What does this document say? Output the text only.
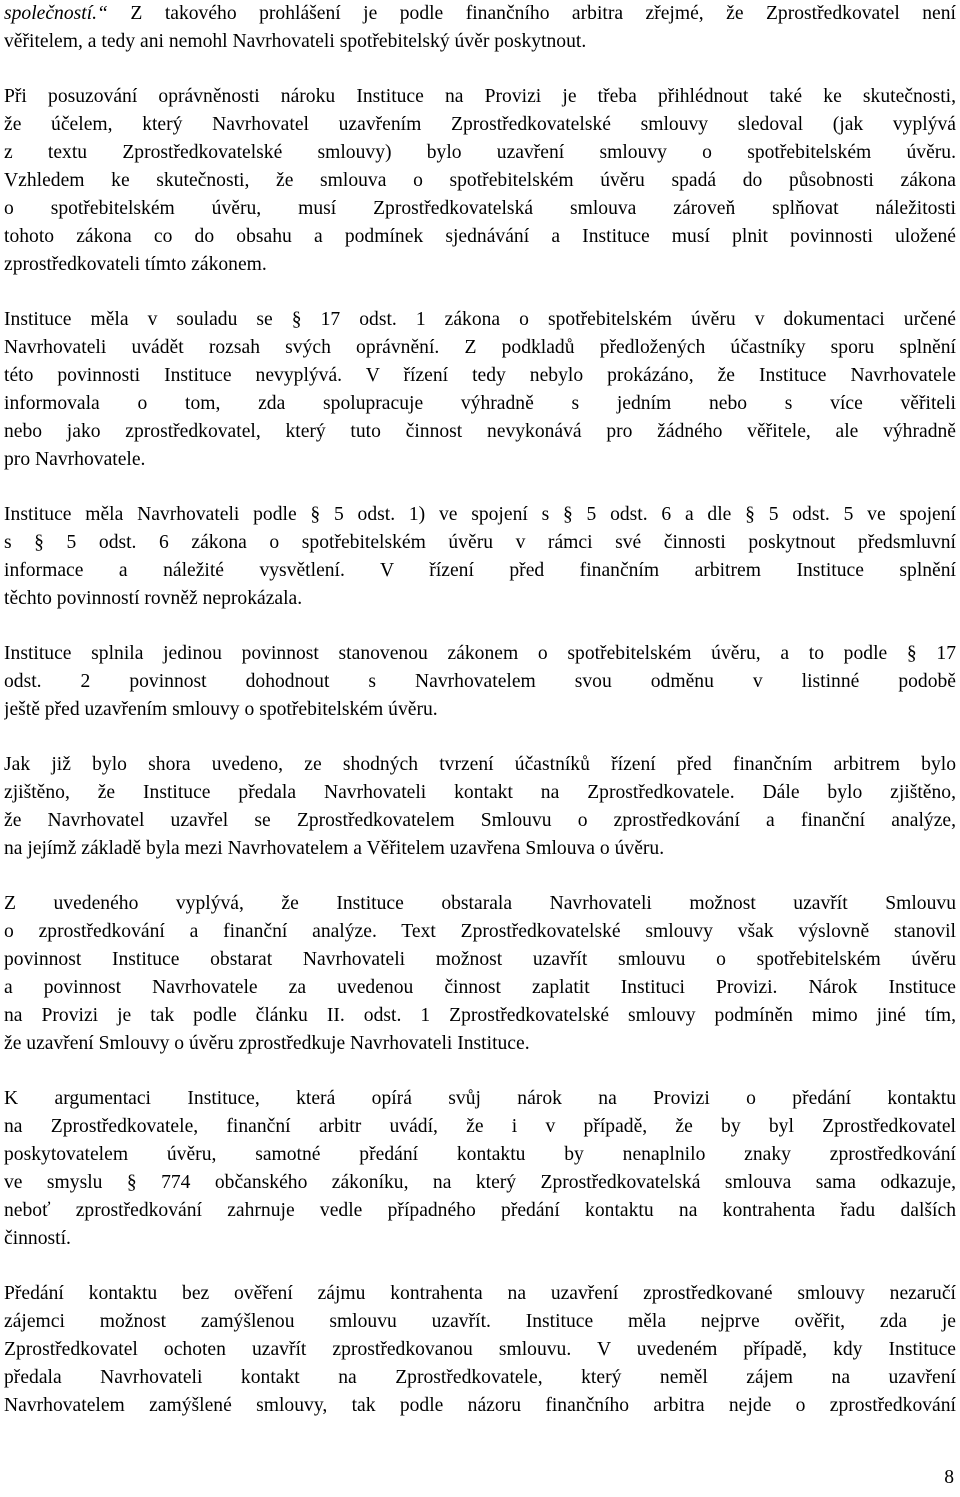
společností.“ Z takového prohlášení je podle finančního arbitra zřejmé, že Zprostředkovatel není
věřitelem, a tedy ani nemohl Navrhovateli spotřebitelský úvěr poskytnout.
Při posuzování oprávněnosti nároku Instituce na Provizi je třeba přihlédnout také ke skutečnosti,
že účelem, který Navrhovatel uzavřením Zprostředkovatelské smlouvy sledoval (jak vyplývá
z textu Zprostředkovatelské smlouvy) bylo uzavření smlouvy o spotřebitelském úvěru.
Vzhledem ke skutečnosti, že smlouva o spotřebitelském úvěru spadá do působnosti zákona
o spotřebitelském úvěru, musí Zprostředkovatelská smlouva zároveň splňovat náležitosti
tohoto zákona co do obsahu a podmínek sjednávání a Instituce musí plnit povinnosti uložené
zprostředkovateli tímto zákonem.
Instituce měla v souladu se § 17 odst. 1 zákona o spotřebitelském úvěru v dokumentaci určené
Navrhovateli uvádět rozsah svých oprávnění. Z podkladů předložených účastníky sporu splnění
této povinnosti Instituce nevyplývá. V řízení tedy nebylo prokázáno, že Instituce Navrhovatele
informovala o tom, zda spolupracuje výhradně s jedním nebo s více věřiteli
nebo jako zprostředkovatel, který tuto činnost nevykonává pro žádného věřitele, ale výhradně
pro Navrhovatele.
Instituce měla Navrhovateli podle § 5 odst. 1) ve spojení s § 5 odst. 6 a dle § 5 odst. 5 ve spojení
s § 5 odst. 6 zákona o spotřebitelském úvěru v rámci své činnosti poskytnout předsmluvní
informace a náležité vysvětlení. V řízení před finančním arbitrem Instituce splnění
těchto povinností rovněž neprokázala.
Instituce splnila jedinou povinnost stanovenou zákonem o spotřebitelském úvěru, a to podle § 17
odst. 2 povinnost dohodnout s Navrhovatelem svou odměnu v listinné podobě
ještě před uzavřením smlouvy o spotřebitelském úvěru.
Jak již bylo shora uvedeno, ze shodných tvrzení účastníků řízení před finančním arbitrem bylo
zjištěno, že Instituce předala Navrhovateli kontakt na Zprostředkovatele. Dále bylo zjištěno,
že Navrhovatel uzavřel se Zprostředkovatelem Smlouvu o zprostředkování a finanční analýze,
na jejímž základě byla mezi Navrhovatelem a Věřitelem uzavřena Smlouva o úvěru.
Z uvedeného vyplývá, že Instituce obstarala Navrhovateli možnost uzavřít Smlouvu
o zprostředkování a finanční analýze. Text Zprostředkovatelské smlouvy však výslovně stanovil
povinnost Instituce obstarat Navrhovateli možnost uzavřít smlouvu o spotřebitelském úvěru
a povinnost Navrhovatele za uvedenou činnost zaplatit Instituci Provizi. Nárok Instituce
na Provizi je tak podle článku II. odst. 1 Zprostředkovatelské smlouvy podmíněn mimo jiné tím,
že uzavření Smlouvy o úvěru zprostředkuje Navrhovateli Instituce.
K argumentaci Instituce, která opírá svůj nárok na Provizi o předání kontaktu
na Zprostředkovatele, finanční arbitr uvádí, že i v případě, že by byl Zprostředkovatel
poskytovatelem úvěru, samotné předání kontaktu by nenaplnilo znaky zprostředkování
ve smyslu § 774 občanského zákoníku, na který Zprostředkovatelská smlouva sama odkazuje,
neboť zprostředkování zahrnuje vedle případného předání kontaktu na kontrahenta řadu dalších
činností.
Předání kontaktu bez ověření zájmu kontrahenta na uzavření zprostředkované smlouvy nezaručí
zájemci možnost zamýšlenou smlouvu uzavřít. Instituce měla nejprve ověřit, zda je
Zprostředkovatel ochoten uzavřít zprostředkovanou smlouvu. V uvedeném případě, kdy Instituce
předala Navrhovateli kontakt na Zprostředkovatele, který neměl zájem na uzavření
Navrhovatelem zamýšlené smlouvy, tak podle názoru finančního arbitra nejde o zprostředkování
8
